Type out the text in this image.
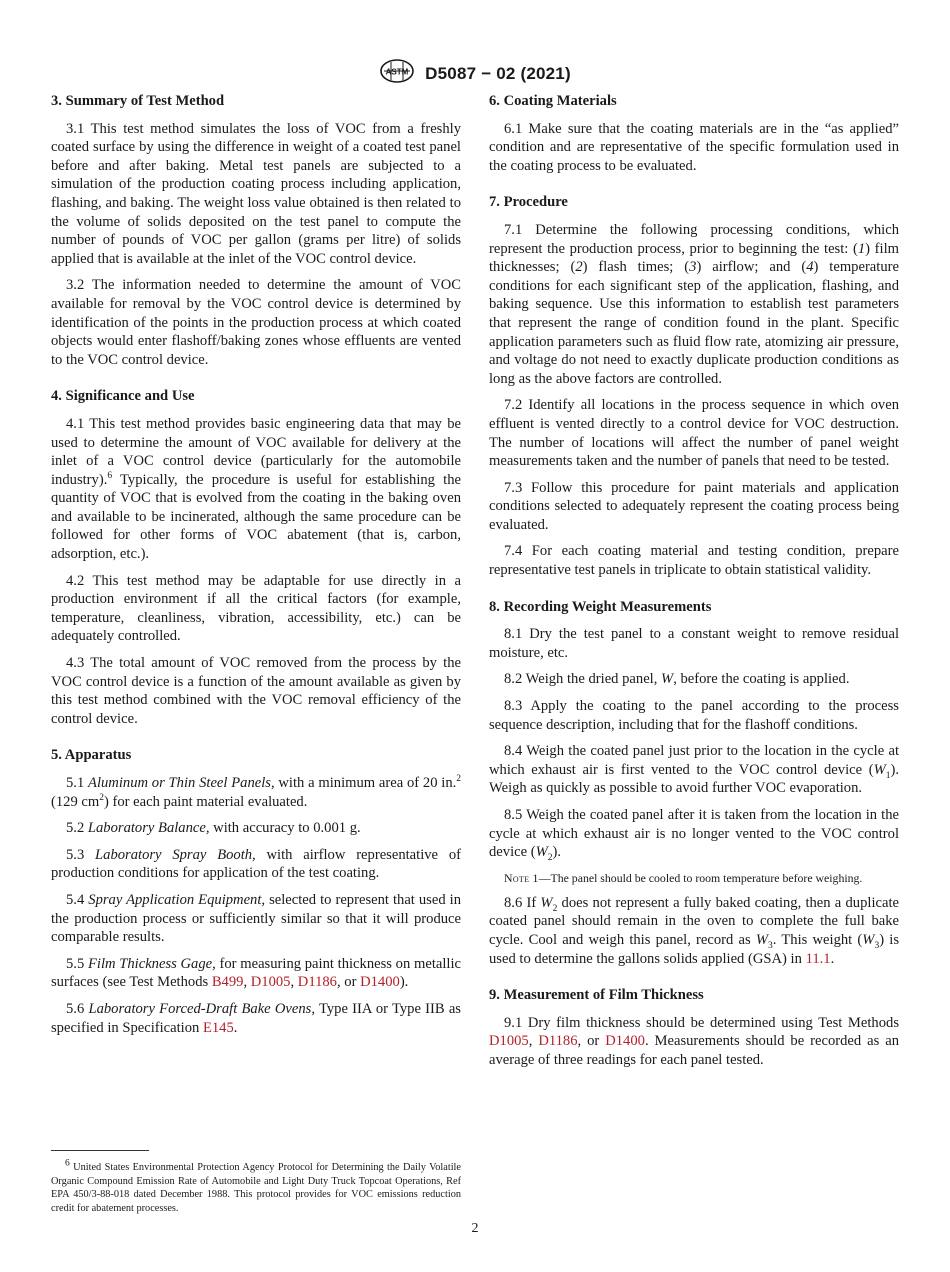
ASTM D5087 − 02 (2021)
3. Summary of Test Method

3.1 This test method simulates the loss of VOC from a freshly coated surface by using the difference in weight of a coated test panel before and after baking. Metal test panels are subjected to a simulation of the production coating process including application, flashing, and baking. The weight loss value obtained is then related to the volume of solids deposited on the test panel to compute the number of pounds of VOC per gallon (grams per litre) of solids applied that is available at the inlet of the VOC control device.

3.2 The information needed to determine the amount of VOC available for removal by the VOC control device is determined by identification of the points in the production process at which coated objects would enter flashoff/baking zones whose effluents are vented to the VOC control device.

4. Significance and Use

4.1 This test method provides basic engineering data that may be used to determine the amount of VOC available for delivery at the inlet of a VOC control device (particularly for the automobile industry).$^6$ Typically, the procedure is useful for establishing the quantity of VOC that is evolved from the coating in the baking oven and available to be incinerated, although the same procedure can be followed for other forms of VOC abatement (that is, carbon, adsorption, etc.).

4.2 This test method may be adaptable for use directly in a production environment if all the critical factors (for example, temperature, cleanliness, vibration, accessibility, etc.) can be adequately controlled.

4.3 The total amount of VOC removed from the process by the VOC control device is a function of the amount available as given by this test method combined with the VOC removal efficiency of the control device.

5. Apparatus

5.1 Aluminum or Thin Steel Panels, with a minimum area of 20 in.$^2$ (129 $cm^2$) for each paint material evaluated.

5.2 Laboratory Balance, with accuracy to 0.001 g.

5.3 Laboratory Spray Booth, with airflow representative of production conditions for application of the test coating.

5.4 Spray Application Equipment, selected to represent that used in the production process or sufficiently similar so that it will produce comparable results.

5.5 Film Thickness Gage, for measuring paint thickness on metallic surfaces (see Test Methods B499, D1005, D1186, or D1400).

5.6 Laboratory Forced-Draft Bake Ovens, Type IIA or Type IIB as specified in Specification E145.

$^6$ United States Environmental Protection Agency Protocol for Determining the Daily Volatile Organic Compound Emission Rate of Automobile and Light Duty Truck Topcoat Operations, Ref EPA 450/3-88-018 dated December 1988. This protocol provides for VOC emissions reduction credit for abatement processes.

6. Coating Materials

6.1 Make sure that the coating materials are in the “as applied” condition and are representative of the specific formulation used in the coating process to be evaluated.

7. Procedure

7.1 Determine the following processing conditions, which represent the production process, prior to beginning the test: (1) film thicknesses; (2) flash times; (3) airflow; and (4) temperature conditions for each significant step of the application, flashing, and baking sequence. Use this information to establish test parameters that represent the range of condition found in the plant. Specific application parameters such as fluid flow rate, atomizing air pressure, and voltage do not need to exactly duplicate production conditions as long as the above factors are controlled.

7.2 Identify all locations in the process sequence in which oven effluent is vented directly to a control device for VOC destruction. The number of locations will affect the number of panel weight measurements taken and the number of panels that need to be tested.

7.3 Follow this procedure for paint materials and application conditions selected to adequately represent the coating process being evaluated.

7.4 For each coating material and testing condition, prepare representative test panels in triplicate to obtain statistical validity.

8. Recording Weight Measurements

8.1 Dry the test panel to a constant weight to remove residual moisture, etc.

8.2 Weigh the dried panel, W, before the coating is applied.

8.3 Apply the coating to the panel according to the process sequence description, including that for the flashoff conditions.

8.4 Weigh the coated panel just prior to the location in the cycle at which exhaust air is first vented to the VOC control device $(W_1)$. Weigh as quickly as possible to avoid further VOC evaporation.

8.5 Weigh the coated panel after it is taken from the location in the cycle at which exhaust air is no longer vented to the VOC control device $(W_2)$.

Note 1—The panel should be cooled to room temperature before weighing.

8.6 If $W_2$ does not represent a fully baked coating, then a duplicate coated panel should remain in the oven to complete the full bake cycle. Cool and weigh this panel, record as $W_3$. This weight $(W_3)$ is used to determine the gallons solids applied (GSA) in 11.1.

9. Measurement of Film Thickness

9.1 Dry film thickness should be determined using Test Methods D1005, D1186, or D1400. Measurements should be recorded as an average of three readings for each panel tested.

2
